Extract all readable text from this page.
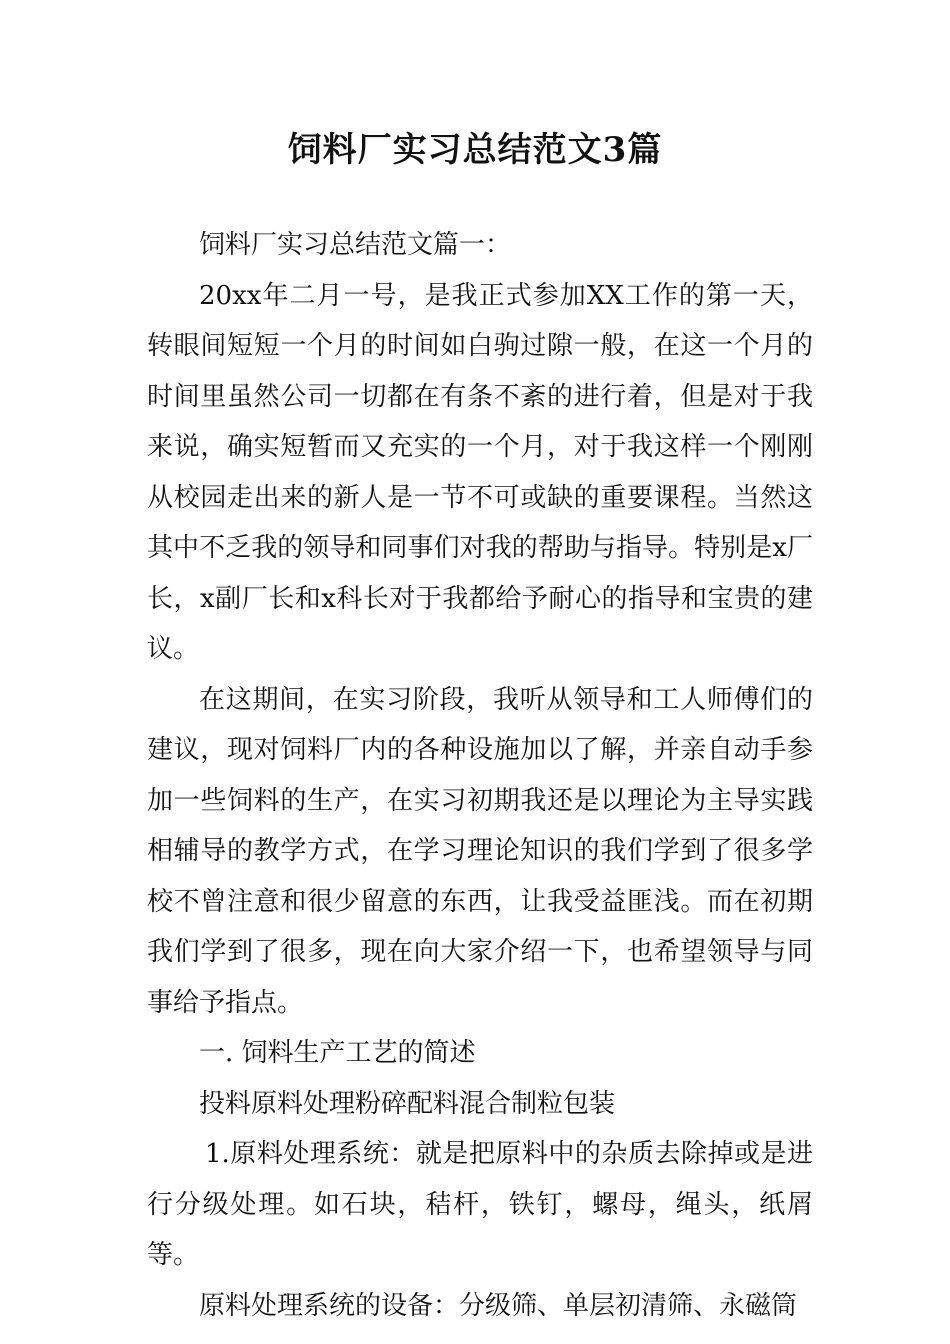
饲料厂实习总结范文3篇

饲料厂实习总结范文篇一：

20xx年二月一号，是我正式参加XX工作的第一天，转眼间短短一个月的时间如白驹过隙一般，在这一个月的时间里虽然公司一切都在有条不紊的进行着，但是对于我来说，确实短暂而又充实的一个月，对于我这样一个刚刚从校园走出来的新人是一节不可或缺的重要课程。当然这其中不乏我的领导和同事们对我的帮助与指导。特别是x厂长，x副厂长和x科长对于我都给予耐心的指导和宝贵的建议。

在这期间，在实习阶段，我听从领导和工人师傅们的建议，现对饲料厂内的各种设施加以了解，并亲自动手参加一些饲料的生产，在实习初期我还是以理论为主导实践相辅导的教学方式，在学习理论知识的我们学到了很多学校不曾注意和很少留意的东西，让我受益匪浅。而在初期我们学到了很多，现在向大家介绍一下，也希望领导与同事给予指点。

一. 饲料生产工艺的简述

投料原料处理粉碎配料混合制粒包装

1.原料处理系统：就是把原料中的杂质去除掉或是进行分级处理。如石块，秸杆，铁钉，螺母，绳头，纸屑等。

原料处理系统的设备：分级筛、单层初清筛、永磁筒
